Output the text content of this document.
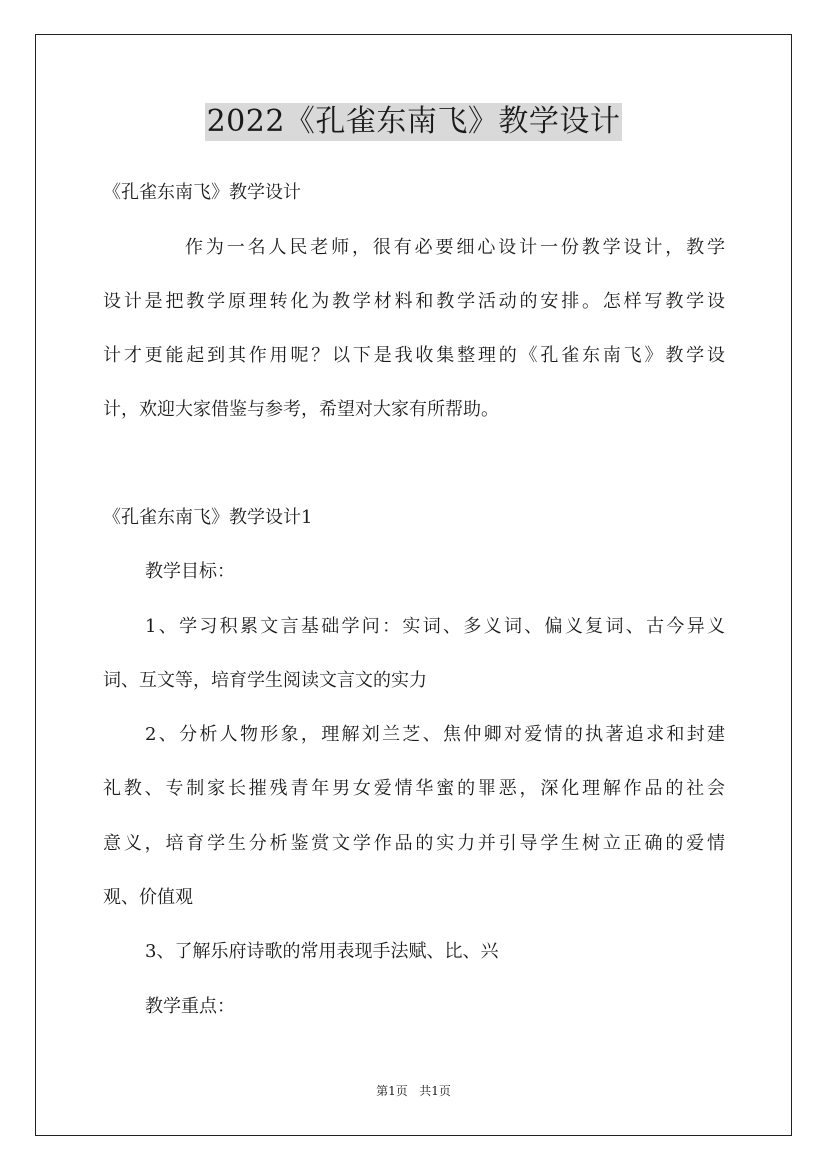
2022《孔雀东南飞》教学设计
《孔雀东南飞》教学设计
作为一名人民老师，很有必要细心设计一份教学设计，教学
设计是把教学原理转化为教学材料和教学活动的安排。怎样写教学设
计才更能起到其作用呢？以下是我收集整理的《孔雀东南飞》教学设
计，欢迎大家借鉴与参考，希望对大家有所帮助。
《孔雀东南飞》教学设计1
教学目标：
1、学习积累文言基础学问：实词、多义词、偏义复词、古今异义
词、互文等，培育学生阅读文言文的实力
2、分析人物形象，理解刘兰芝、焦仲卿对爱情的执著追求和封建
礼教、专制家长摧残青年男女爱情华蜜的罪恶，深化理解作品的社会
意义，培育学生分析鉴赏文学作品的实力并引导学生树立正确的爱情
观、价值观
3、了解乐府诗歌的常用表现手法赋、比、兴
教学重点：
第1页 共1页
